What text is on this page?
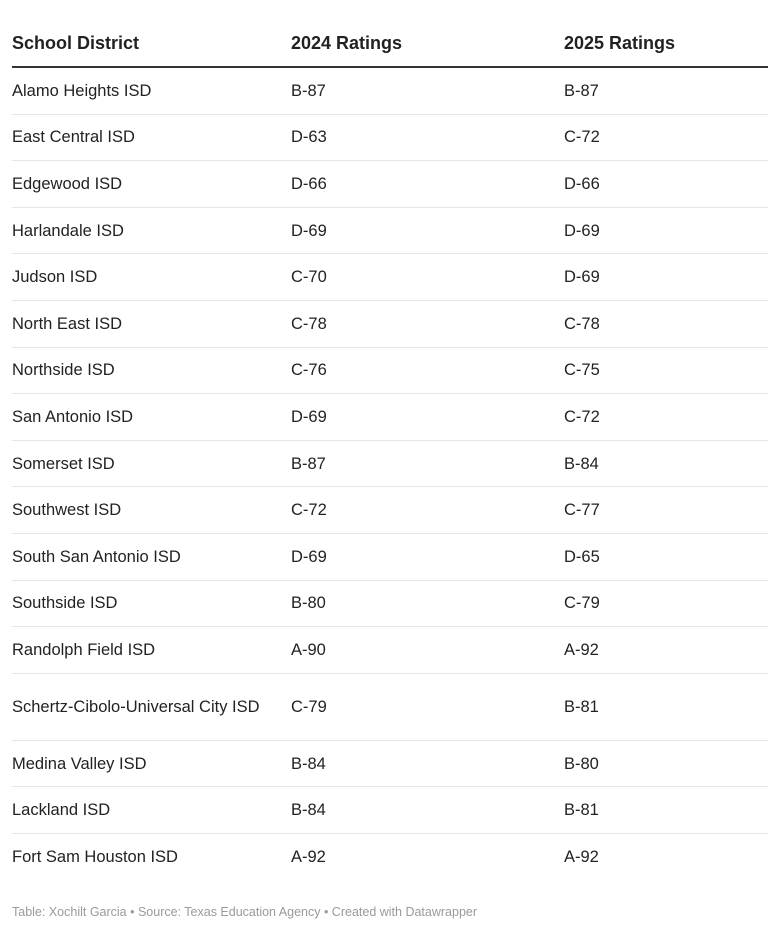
School District	2024 Ratings	2025 Ratings
Alamo Heights ISD	B-87	B-87
East Central ISD	D-63	C-72
Edgewood ISD	D-66	D-66
Harlandale ISD	D-69	D-69
Judson ISD	C-70	D-69
North East ISD	C-78	C-78
Northside ISD	C-76	C-75
San Antonio ISD	D-69	C-72
Somerset ISD	B-87	B-84
Southwest ISD	C-72	C-77
South San Antonio ISD	D-69	D-65
Southside ISD	B-80	C-79
Randolph Field ISD	A-90	A-92
Schertz-Cibolo-Universal City ISD	C-79	B-81
Medina Valley ISD	B-84	B-80
Lackland ISD	B-84	B-81
Fort Sam Houston ISD	A-92	A-92
Table: Xochilt Garcia • Source: Texas Education Agency • Created with Datawrapper
